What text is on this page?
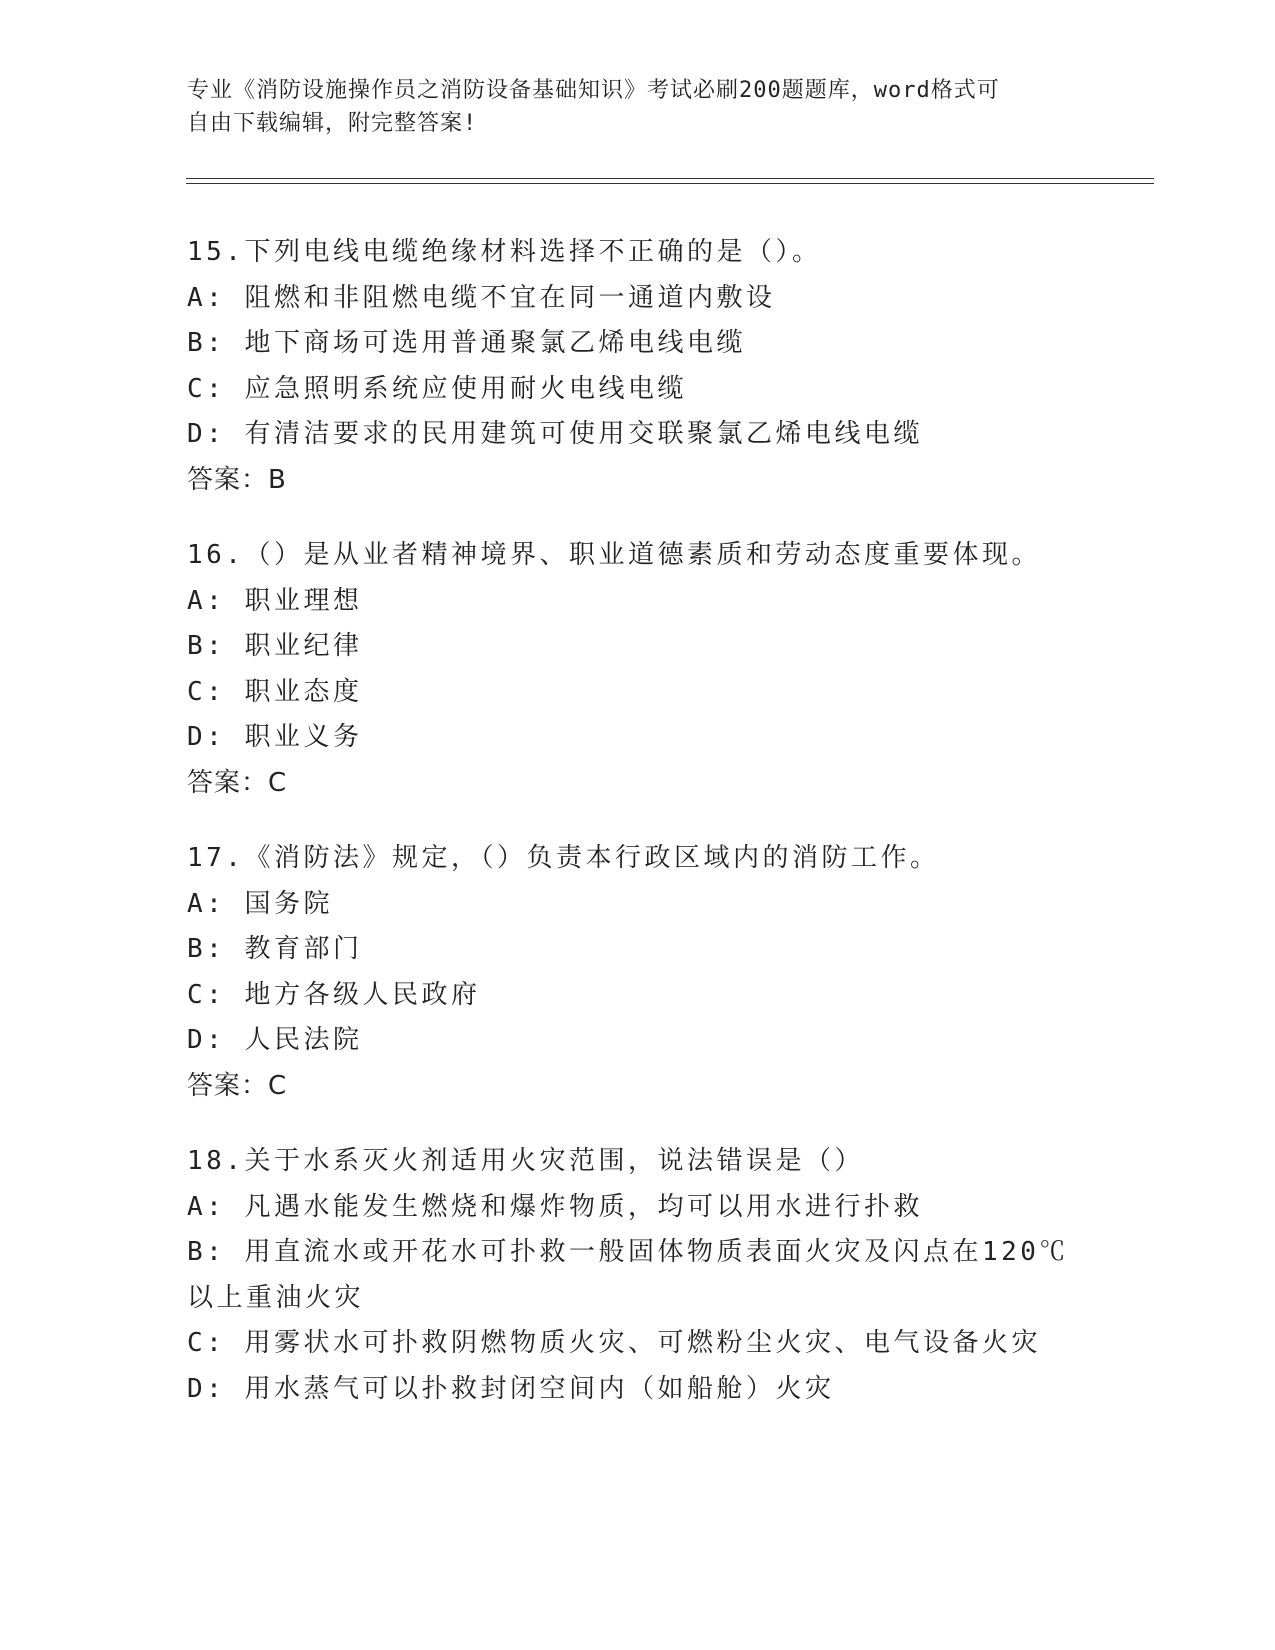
专业《消防设施操作员之消防设备基础知识》考试必刷200题题库，word格式可
自由下载编辑，附完整答案!
15.下列电线电缆绝缘材料选择不正确的是（）。
A: 阻燃和非阻燃电缆不宜在同一通道内敷设
B: 地下商场可选用普通聚氯乙烯电线电缆
C: 应急照明系统应使用耐火电线电缆
D: 有清洁要求的民用建筑可使用交联聚氯乙烯电线电缆
答案：B
16.（）是从业者精神境界、职业道德素质和劳动态度重要体现。
A: 职业理想
B: 职业纪律
C: 职业态度
D: 职业义务
答案：C
17.《消防法》规定，（）负责本行政区域内的消防工作。
A: 国务院
B: 教育部门
C: 地方各级人民政府
D: 人民法院
答案：C
18.关于水系灭火剂适用火灾范围，说法错误是（）
A: 凡遇水能发生燃烧和爆炸物质，均可以用水进行扑救
B: 用直流水或开花水可扑救一般固体物质表面火灾及闪点在120℃以上重油火灾
C: 用雾状水可扑救阴燃物质火灾、可燃粉尘火灾、电气设备火灾
D: 用水蒸气可以扑救封闭空间内（如船舱）火灾
